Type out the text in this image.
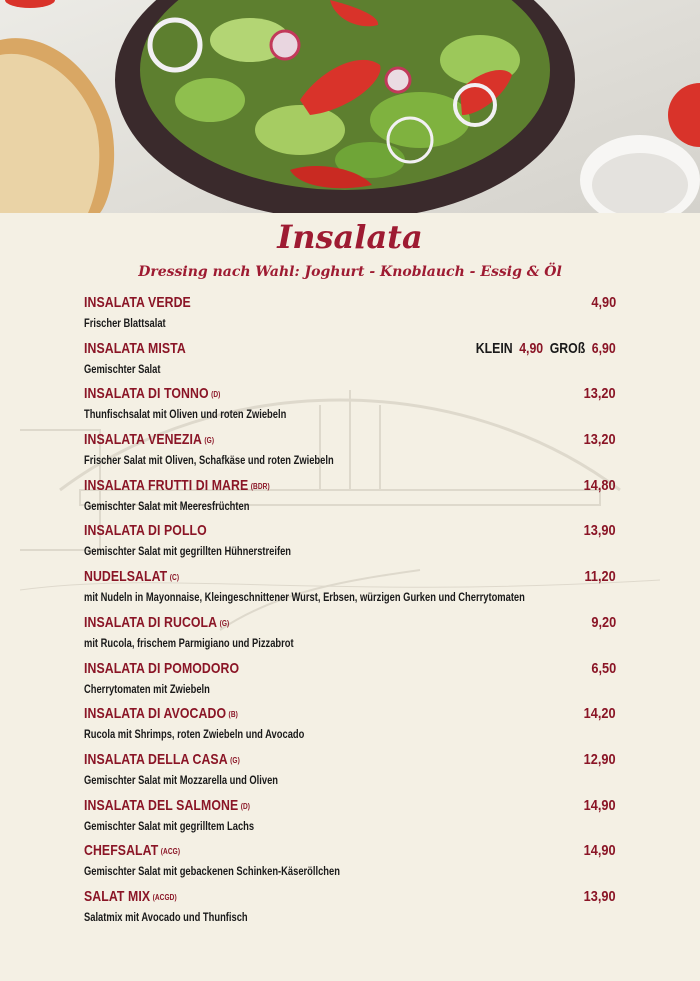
Insalata
Dressing nach Wahl: Joghurt - Knoblauch - Essig & Öl
INSALATA VERDE
Frischer Blattsalat
4,90
INSALATA MISTA
Gemischter Salat
KLEIN 4,90 GROß 6,90
INSALATA DI TONNO (D)
Thunfischsalat mit Oliven und roten Zwiebeln
13,20
INSALATA VENEZIA (G)
Frischer Salat mit Oliven, Schafkäse und roten Zwiebeln
13,20
INSALATA FRUTTI DI MARE (BDR)
Gemischter Salat mit Meeresfrüchten
14,80
INSALATA DI POLLO
Gemischter Salat mit gegrillten Hühnerstreifen
13,90
NUDELSALAT (C)
mit Nudeln in Mayonnaise, Kleingeschnittener Wurst, Erbsen, würzigen Gurken und Cherrytomaten
11,20
INSALATA DI RUCOLA (G)
mit Rucola, frischem Parmigiano und Pizzabrot
9,20
INSALATA DI POMODORO
Cherrytomaten mit Zwiebeln
6,50
INSALATA DI AVOCADO (B)
Rucola mit Shrimps, roten Zwiebeln und Avocado
14,20
INSALATA DELLA CASA (G)
Gemischter Salat mit Mozzarella und Oliven
12,90
INSALATA DEL SALMONE (D)
Gemischter Salat mit gegrilltem Lachs
14,90
CHEFSALAT (ACG)
Gemischter Salat mit gebackenen Schinken-Käseröllchen
14,90
SALAT MIX (ACGD)
Salatmix mit Avocado und Thunfisch
13,90
